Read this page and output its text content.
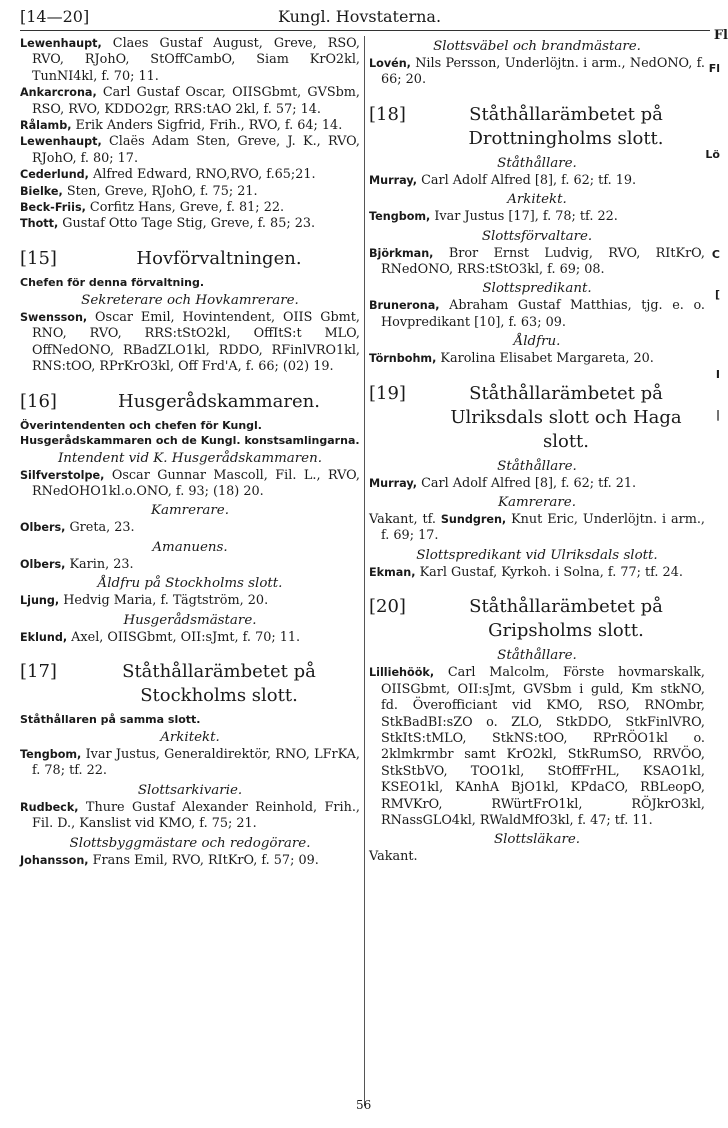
[14—20]	Kungl. Hovstaterna.
Fl

Lewenhaupt, Claes Gustaf August, Greve, RSO, RVO, RJohO, StOffCambO, Siam KrO2kl, TunNI4kl, f. 70; 11.

Ankarcrona, Carl Gustaf Oscar, OIISGbmt, GVSbm, RSO, RVO, KDDO2gr, RRS:tAO 2kl, f. 57; 14.

Rålamb, Erik Anders Sigfrid, Frih., RVO, f. 64; 14.

Lewenhaupt, Claës Adam Sten, Greve, J. K., RVO, RJohO, f. 80; 17.

Cederlund, Alfred Edward, RNO,RVO, f.65;21.

Bielke, Sten, Greve, RJohO, f. 75; 21.

Beck-Friis, Corfitz Hans, Greve, f. 81; 22.

Thott, Gustaf Otto Tage Stig, Greve, f. 85; 23.

[15]	Hovförvaltningen.

Chefen för denna förvaltning.

Sekreterare och Hovkamrerare.

Swensson, Oscar Emil, Hovintendent, OIIS Gbmt, RNO, RVO, RRS:tStO2kl, OffItS:t MLO, OffNedONO, RBadZLO1kl, RDDO, RFinlVRO1kl, RNS:tOO, RPrKrO3kl, Off Frd'A, f. 66; (02) 19.

[16]	Husgerådskammaren.

Överintendenten och chefen för Kungl. Husgerådskammaren och de Kungl. konstsamlingarna.

Intendent vid K. Husgerådskammaren.

Silfverstolpe, Oscar Gunnar Mascoll, Fil. L., RVO, RNedOHO1kl.o.ONO, f. 93; (18) 20.

Kamrerare.

Olbers, Greta, 23.

Amanuens.

Olbers, Karin, 23.

Åldfru på Stockholms slott.

Ljung, Hedvig Maria, f. Tägtström, 20.

Husgerådsmästare.

Eklund, Axel, OIISGbmt, OII:sJmt, f. 70; 11.

[17]	Ståthållarämbetet på Stockholms slott.

Ståthållaren på samma slott.

Arkitekt.

Tengbom, Ivar Justus, Generaldirektör, RNO, LFrKA, f. 78; tf. 22.

Slottsarkivarie.

Rudbeck, Thure Gustaf Alexander Reinhold, Frih., Fil. D., Kanslist vid KMO, f. 75; 21.

Slottsbyggmästare och redogörare.

Johansson, Frans Emil, RVO, RItKrO, f. 57; 09.

Slottsväbel och brandmästare.

Lovén, Nils Persson, Underlöjtn. i arm., NedONO, f. 66; 20.

[18]	Ståthållarämbetet på Drottningholms slott.
Ståthållare.

Murray, Carl Adolf Alfred [8], f. 62; tf. 19.

Arkitekt.

Tengbom, Ivar Justus [17], f. 78; tf. 22.

Slottsförvaltare.

Björkman, Bror Ernst Ludvig, RVO, RItKrO, RNedONO, RRS:tStO3kl, f. 69; 08.

Slottspredikant.

Brunerona, Abraham Gustaf Matthias, tjg. e. o. Hovpredikant [10], f. 63; 09.

Åldfru.

Törnbohm, Karolina Elisabet Margareta, 20.

[19]	Ståthållarämbetet på Ulriksdals slott och Haga slott.
Ståthållare.

Murray, Carl Adolf Alfred [8], f. 62; tf. 21.

Kamrerare.

Vakant, tf. Sundgren, Knut Eric, Underlöjtn. i arm., f. 69; 17.

Slottspredikant vid Ulriksdals slott.

Ekman, Karl Gustaf, Kyrkoh. i Solna, f. 77; tf. 24.

[20]	Ståthållarämbetet på Gripsholms slott.
Ståthållare.

Lilliehöök, Carl Malcolm, Förste hovmarskalk, OIISGbmt, OII:sJmt, GVSbm i guld, Km stkNO, fd. Överofficiant vid KMO, RSO, RNOmbr, StkBadBI:sZO o. ZLO, StkDDO, StkFinlVRO, StkItS:tMLO, StkNS:tOO, RPrRÖO1kl o. 2klmkrmbr samt KrO2kl, StkRumSO, RRVÖO, StkStbVO, TOO1kl, StOffFrHL, KSAO1kl, KSEO1kl, KAnhA BjO1kl, KPdaCO, RBLeopO, RMVKrO, RWürtFrO1kl, RÖJkrO3kl, RNassGLO4kl, RWaldMfO3kl, f. 47; tf. 11.

Slottsläkare.

Vakant.

56
Fl
Lö
C
[
I
|
